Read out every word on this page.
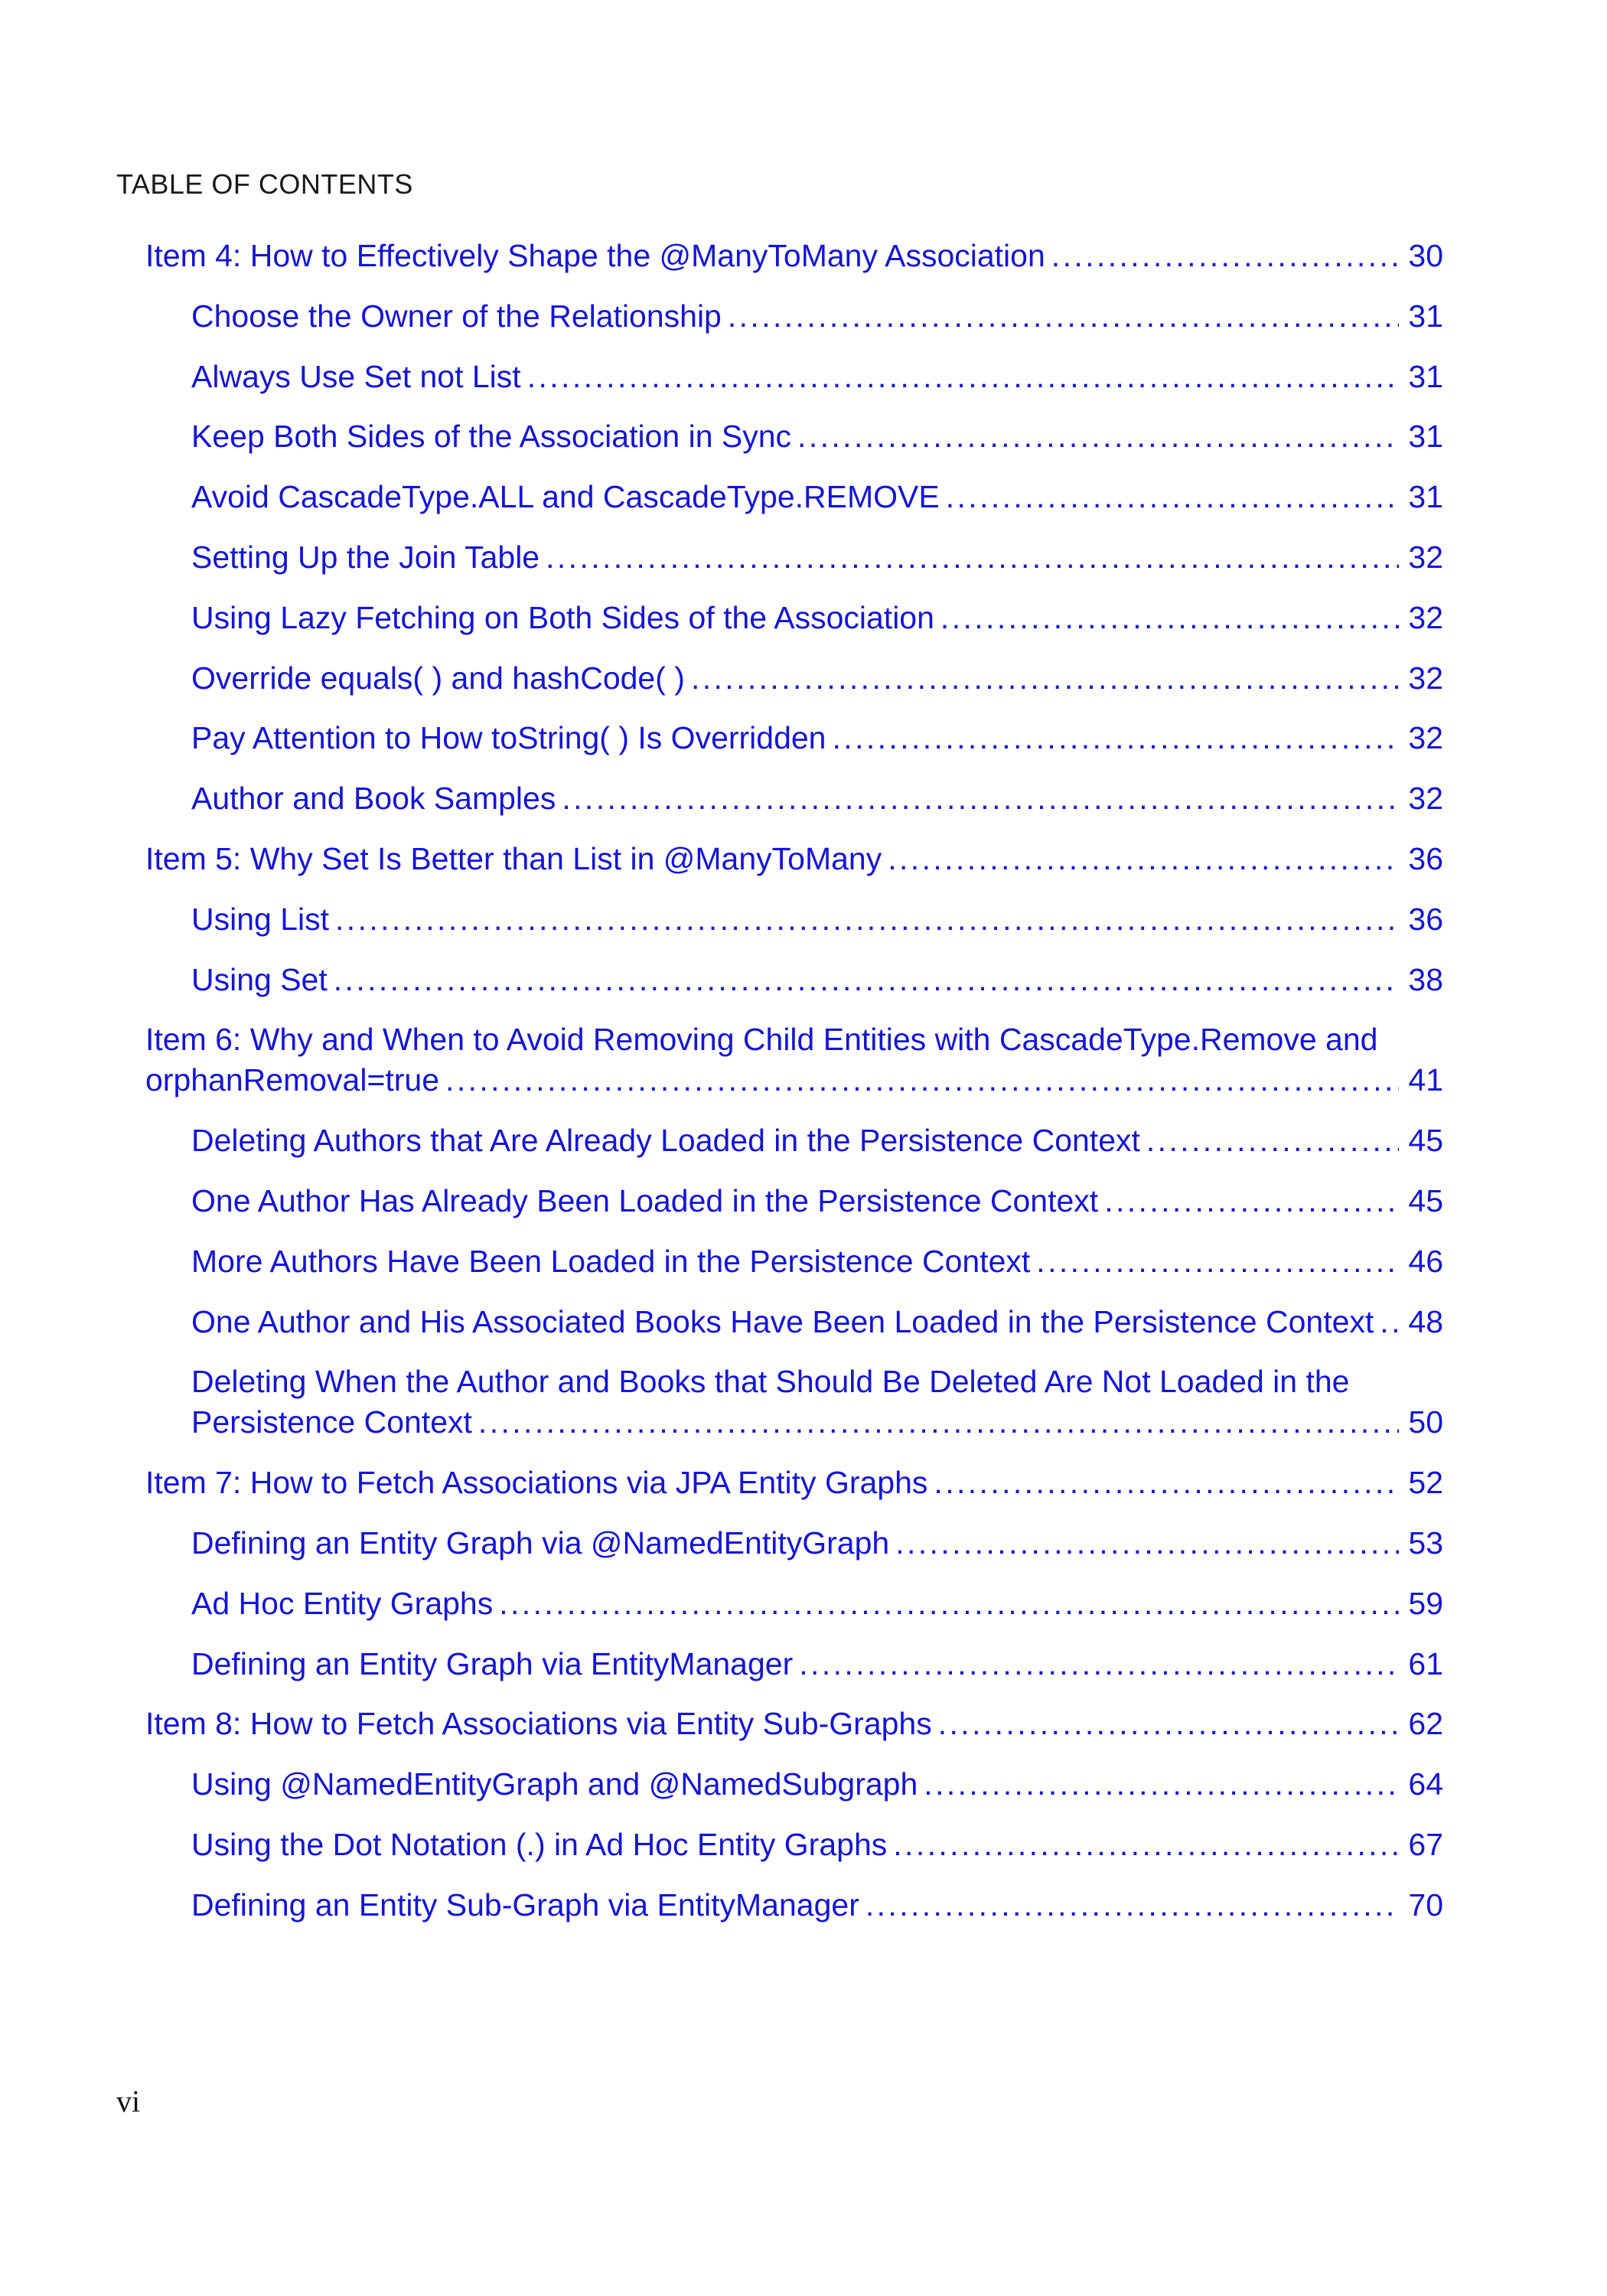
TABLE OF CONTENTS
Item 4: How to Effectively Shape the @ManyToMany Association . . .	30
Choose the Owner of the Relationship . . .	31
Always Use Set not List . . .	31
Keep Both Sides of the Association in Sync . . .	31
Avoid CascadeType.ALL and CascadeType.REMOVE . . .	31
Setting Up the Join Table . . .	32
Using Lazy Fetching on Both Sides of the Association . . .	32
Override equals( ) and hashCode( ) . . .	32
Pay Attention to How toString( ) Is Overridden . . .	32
Author and Book Samples . . .	32
Item 5: Why Set Is Better than List in @ManyToMany . . .	36
Using List . . .	36
Using Set . . .	38
Item 6: Why and When to Avoid Removing Child Entities with CascadeType.Remove and
orphanRemoval=true . . .	41
Deleting Authors that Are Already Loaded in the Persistence Context . . .	45
One Author Has Already Been Loaded in the Persistence Context . . .	45
More Authors Have Been Loaded in the Persistence Context . . .	46
One Author and His Associated Books Have Been Loaded in the Persistence Context . . .	48
Deleting When the Author and Books that Should Be Deleted Are Not Loaded in the
Persistence Context . . .	50
Item 7: How to Fetch Associations via JPA Entity Graphs . . .	52
Defining an Entity Graph via @NamedEntityGraph . . .	53
Ad Hoc Entity Graphs . . .	59
Defining an Entity Graph via EntityManager . . .	61
Item 8: How to Fetch Associations via Entity Sub-Graphs . . .	62
Using @NamedEntityGraph and @NamedSubgraph . . .	64
Using the Dot Notation (.) in Ad Hoc Entity Graphs . . .	67
Defining an Entity Sub-Graph via EntityManager . . .	70
vi
